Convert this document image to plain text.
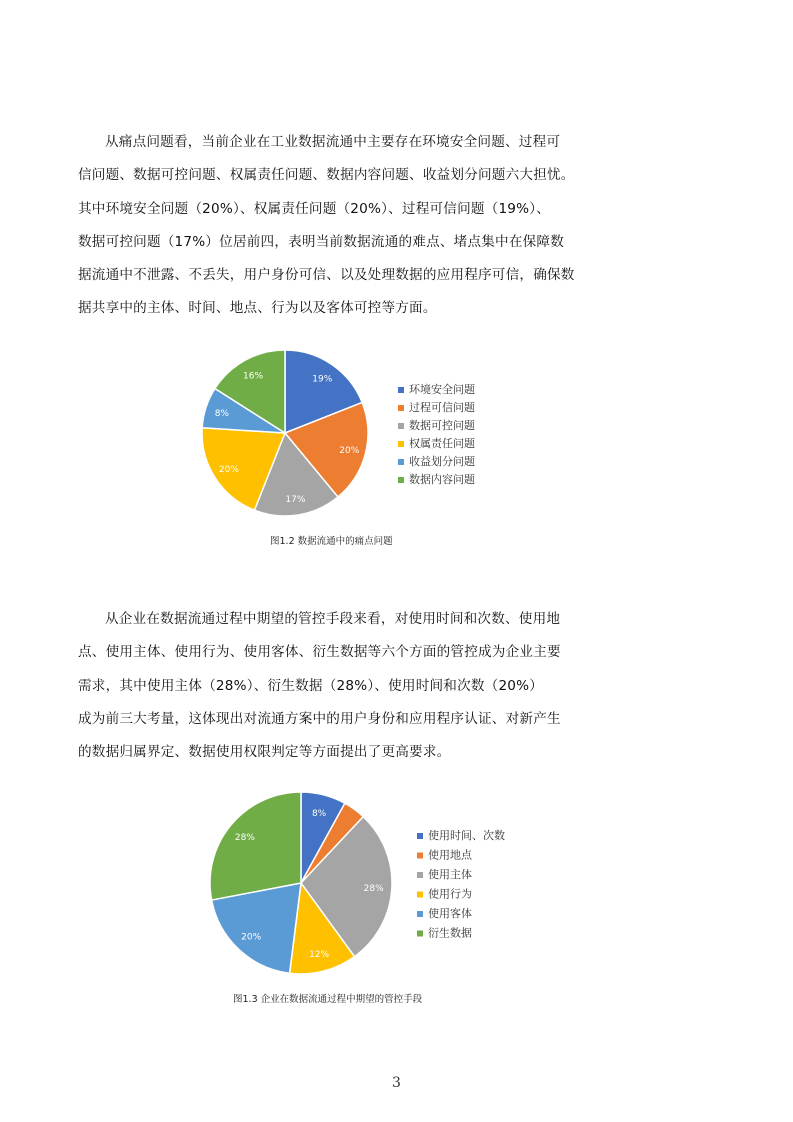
从痛点问题看，当前企业在工业数据流通中主要存在环境安全问题、过程可
信问题、数据可控问题、权属责任问题、数据内容问题、收益划分问题六大担忧。
其中环境安全问题（20%）、权属责任问题（20%）、过程可信问题（19%）、
数据可控问题（17%）位居前四，表明当前数据流通的难点、堵点集中在保障数
据流通中不泄露、不丢失，用户身份可信、以及处理数据的应用程序可信，确保数
据共享中的主体、时间、地点、行为以及客体可控等方面。
19%
20%
17%
20%
8%
16%
环境安全问题
过程可信问题
数据可控问题
权属责任问题
收益划分问题
数据内容问题
图1.2 数据流通中的痛点问题
从企业在数据流通过程中期望的管控手段来看，对使用时间和次数、使用地
点、使用主体、使用行为、使用客体、衍生数据等六个方面的管控成为企业主要
需求，其中使用主体（28%）、衍生数据（28%）、使用时间和次数（20%）
成为前三大考量，这体现出对流通方案中的用户身份和应用程序认证、对新产生
的数据归属界定、数据使用权限判定等方面提出了更高要求。
8%
28%
12%
20%
28%	使用时间、次数
使用地点
使用主体
使用行为
使用客体
衍生数据
图1.3 企业在数据流通过程中期望的管控手段
3
